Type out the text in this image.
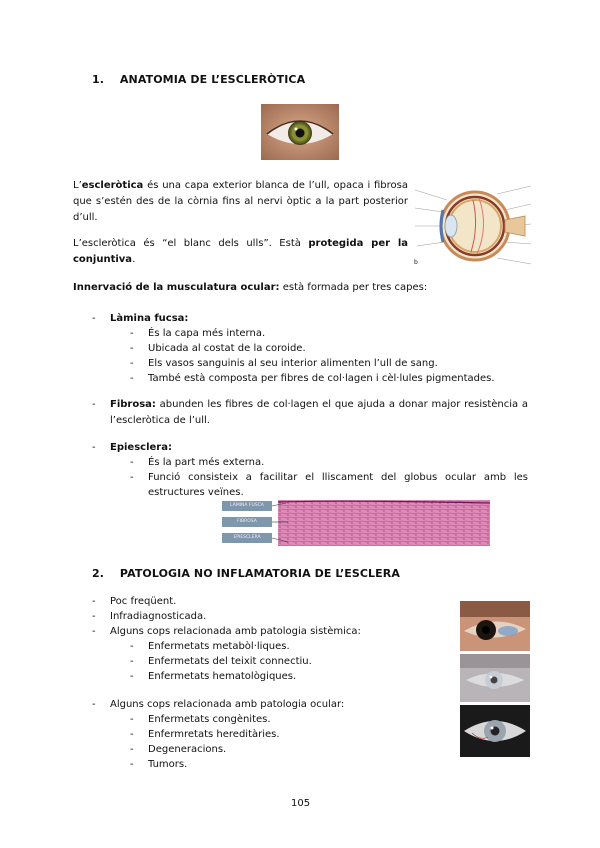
1. ANATOMIA DE L’ESCLERÒTICA
L’escleròtica és una capa exterior blanca de l’ull, opaca i fibrosa que s’estén des de la còrnia fins al nervi òptic a la part posterior d’ull.
b
L’escleròtica és “el blanc dels ulls”. Està protegida per la conjuntiva.
Innervació de la musculatura ocular: està formada per tres capes:
- Làmina fucsa:
- És la capa més interna.
- Ubicada al costat de la coroide.
- Els vasos sanguinis al seu interior alimenten l’ull de sang.
- També està composta per fibres de col·lagen i cèl·lules pigmentades.
-	Fibrosa: abunden les fibres de col·lagen el que ajuda a donar major resistència a l’escleròtica de l’ull.
- Epiesclera:
- És la part més externa.
-	Funció consisteix a facilitar el lliscament del globus ocular amb les estructures veïnes.
LÀMINA FUSCA
FIBROSA
EPIESCLERA
2. PATOLOGIA NO INFLAMATORIA DE L’ESCLERA
- Poc freqüent.
- Infradiagnosticada.
- Alguns cops relacionada amb patologia sistèmica:
- Enfermetats metabòl·liques.
- Enfermetats del teixit connectiu.
- Enfermetats hematològiques.
- Alguns cops relacionada amb patologia ocular:
- Enfermetats congènites.
- Enfermretats hereditàries.
- Degeneracions.
- Tumors.
105
